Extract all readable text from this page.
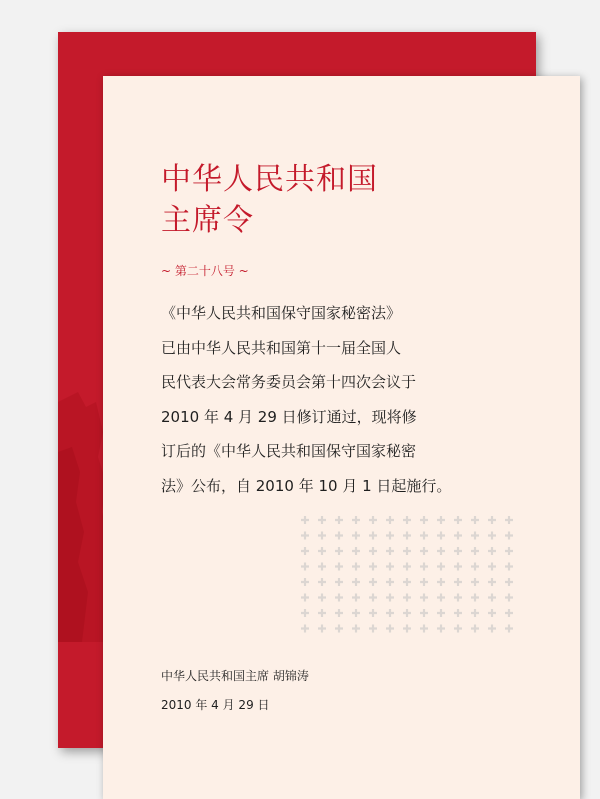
中华人民共和国
主席令
~ 第二十八号 ~

《中华人民共和国保守国家秘密法》
已由中华人民共和国第十一届全国人
民代表大会常务委员会第十四次会议于
2010 年 4 月 29 日修订通过，现将修
订后的《中华人民共和国保守国家秘密
法》公布，自 2010 年 10 月 1 日起施行。

中华人民共和国主席 胡锦涛
2010 年 4 月 29 日
